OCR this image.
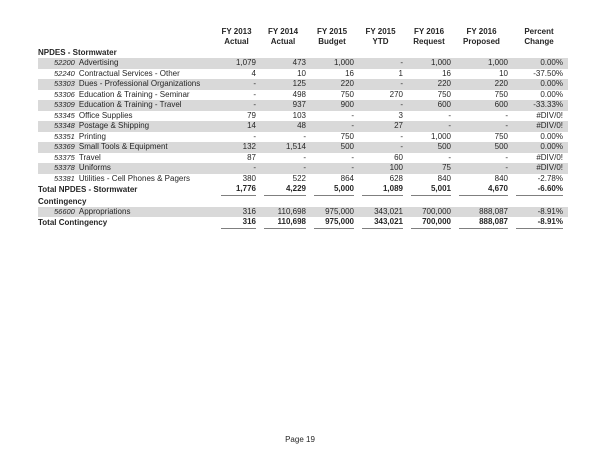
	FY 2013	FY 2014	FY 2015	FY 2015	FY 2016	FY 2016	Percent
	Actual	Actual	Budget	YTD	Request	Proposed	Change
NPDES - Stormwater							
52200 Advertising	1,079	473	1,000	-	1,000	1,000	0.00%
52240 Contractual Services - Other	4	10	16	1	16	10	-37.50%
53303 Dues - Professional Organizations	-	125	220	-	220	220	0.00%
53306 Education & Training - Seminar	-	498	750	270	750	750	0.00%
53309 Education & Training - Travel	-	937	900	-	600	600	-33.33%
53345 Office Supplies	79	103	-	3	-	-	#DIV/0!
53348 Postage & Shipping	14	48	-	27	-	-	#DIV/0!
53351 Printing	-	-	750	-	1,000	750	0.00%
53369 Small Tools & Equipment	132	1,514	500	-	500	500	0.00%
53375 Travel	87	-	-	60	-	-	#DIV/0!
53378 Uniforms	-	-	-	100	75	-	#DIV/0!
53381 Utilities - Cell Phones & Pagers	380	522	864	628	840	840	-2.78%
Total NPDES - Stormwater	1,776	4,229	5,000	1,089	5,001	4,670	-6.60%

Contingency							
56600 Appropriations	316	110,698	975,000	343,021	700,000	888,087	-8.91%
Total Contingency	316	110,698	975,000	343,021	700,000	888,087	-8.91%
Page 19
